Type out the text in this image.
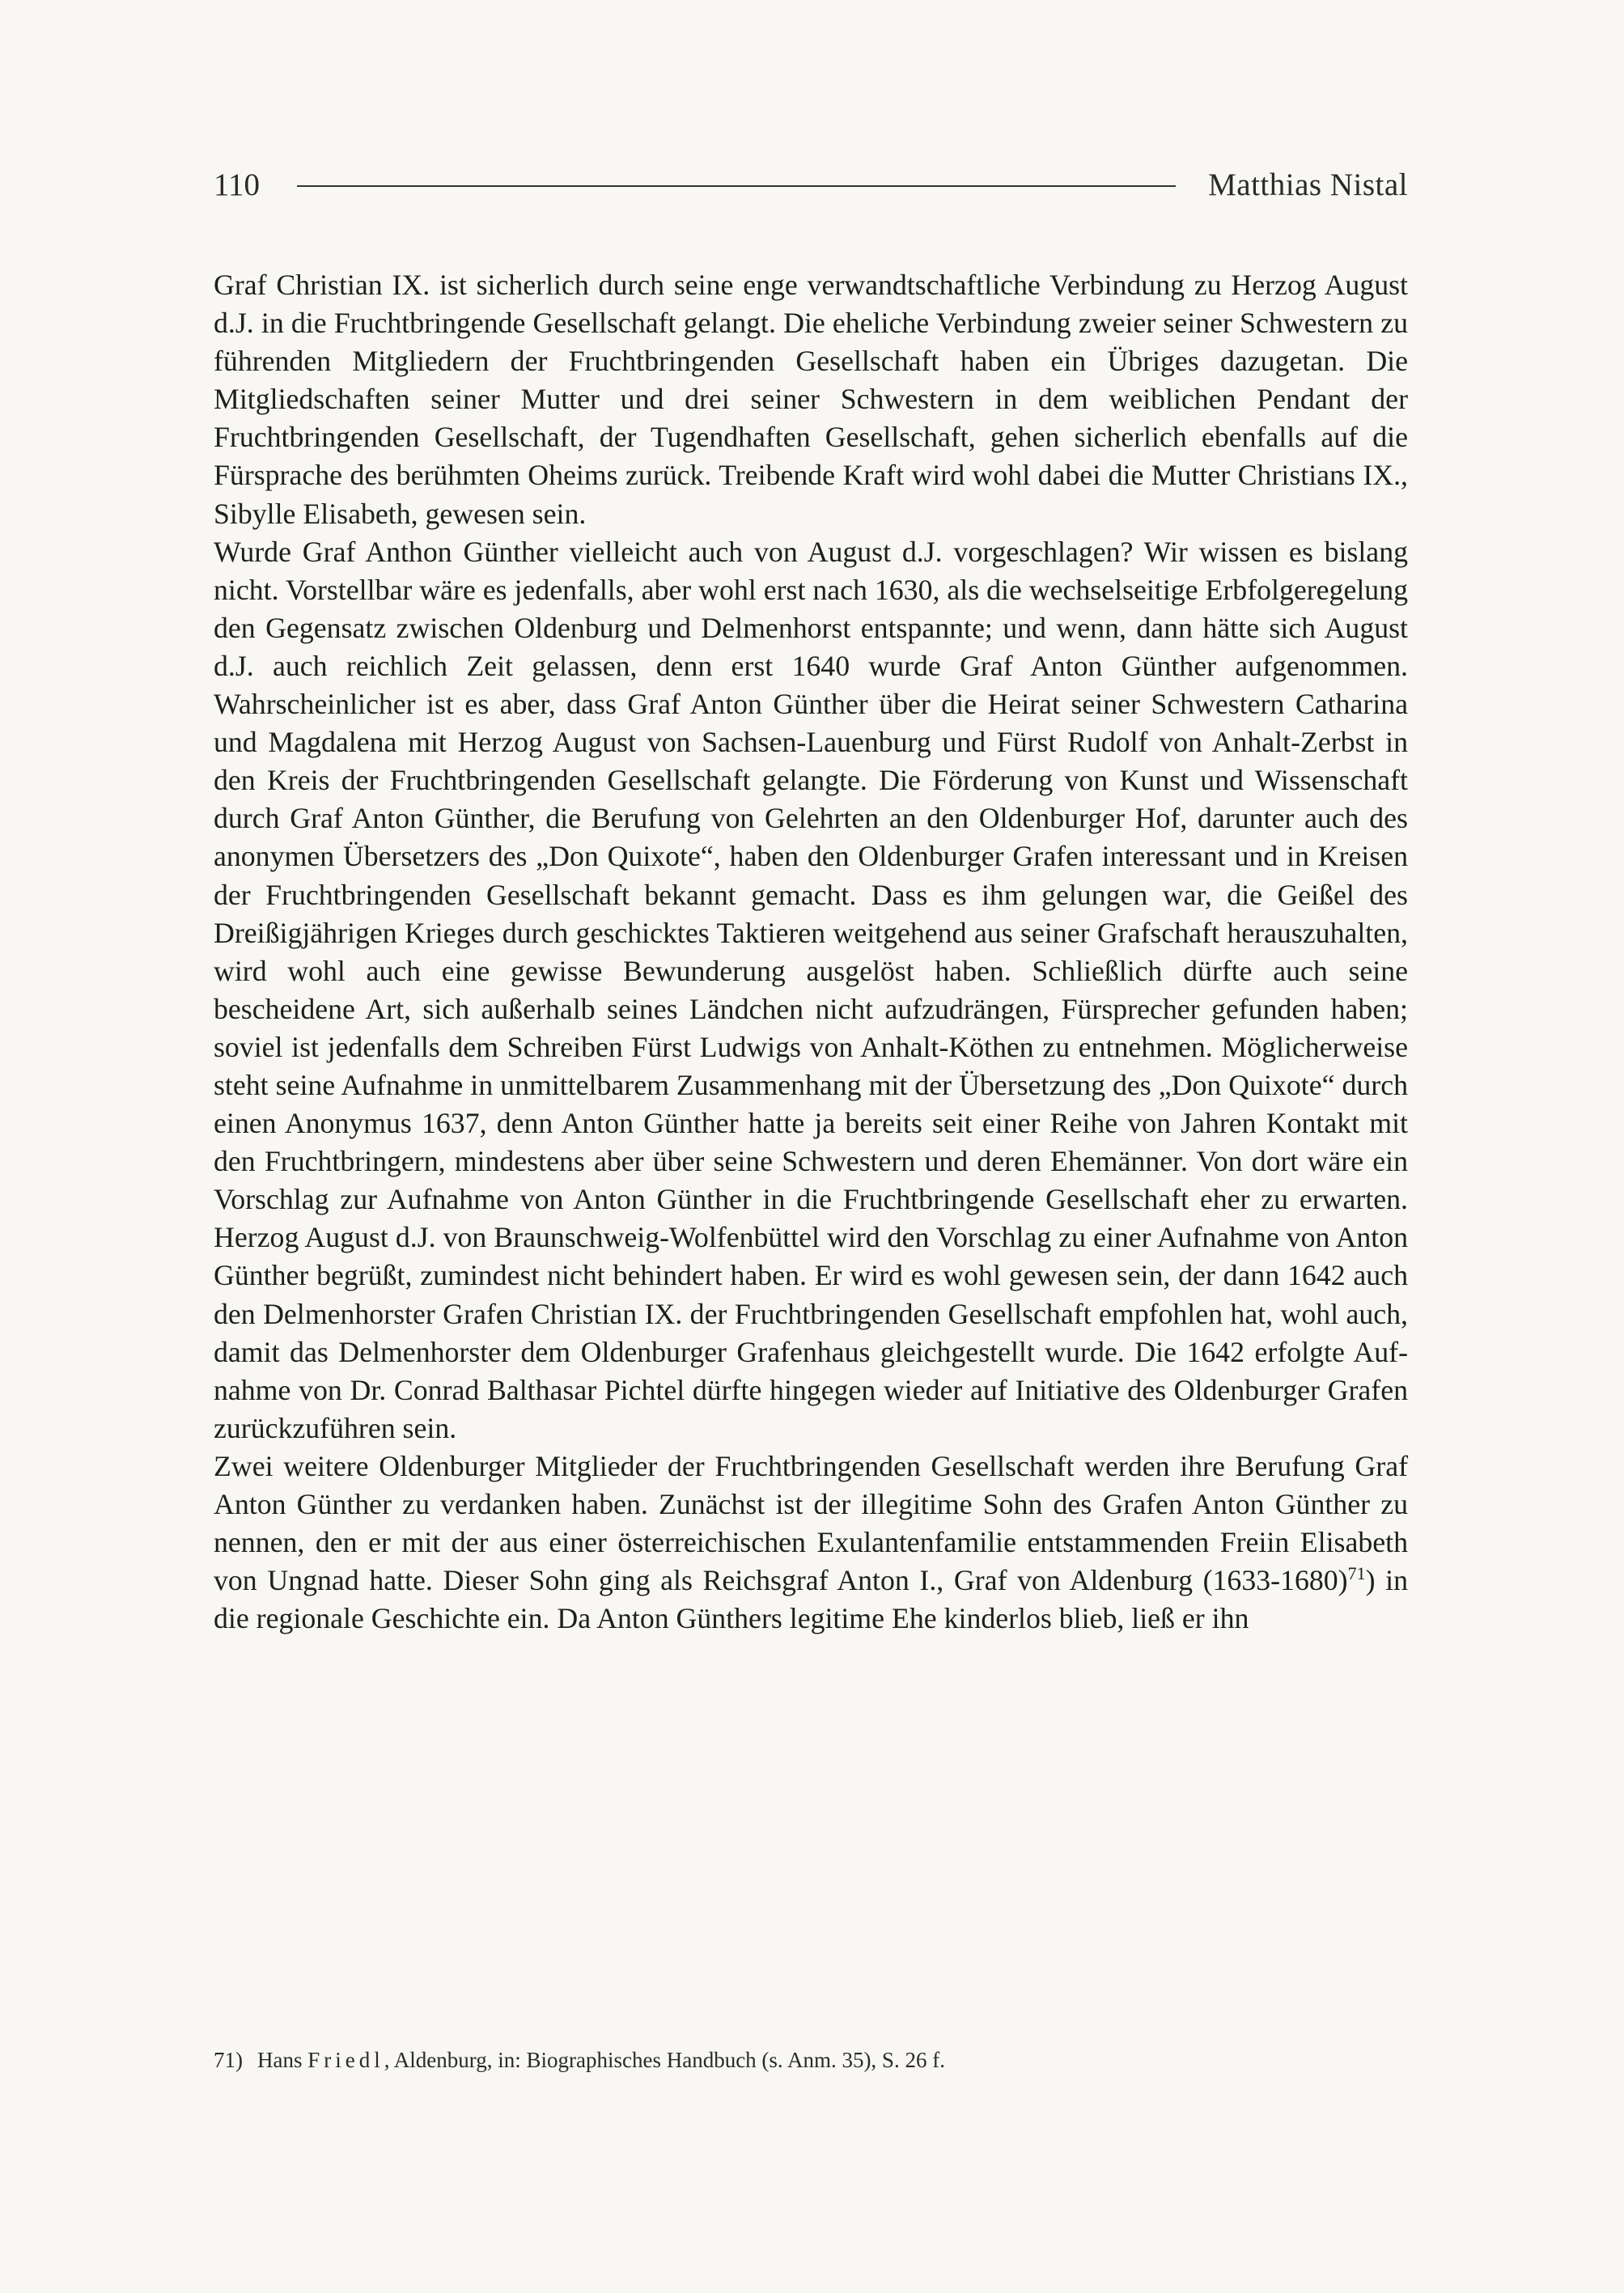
110	Matthias Nistal

Graf Christian IX. ist sicherlich durch seine enge verwandtschaftliche Verbindung zu Herzog August d.J. in die Fruchtbringende Gesellschaft gelangt. Die eheliche Verbindung zweier seiner Schwestern zu führenden Mitgliedern der Fruchtbringenden Gesellschaft haben ein Übriges dazugetan. Die Mitgliedschaften seiner Mutter und drei seiner Schwestern in dem weiblichen Pendant der Fruchtbringenden Gesellschaft, der Tugendhaften Gesellschaft, gehen sicherlich ebenfalls auf die Fürsprache des berühmten Oheims zurück. Treibende Kraft wird wohl dabei die Mutter Christians IX., Sibylle Elisabeth, gewesen sein.

Wurde Graf Anthon Günther vielleicht auch von August d.J. vorgeschlagen? Wir wissen es bislang nicht. Vorstellbar wäre es jedenfalls, aber wohl erst nach 1630, als die wechselseitige Erbfolgeregelung den Gegensatz zwischen Oldenburg und Delmenhorst entspannte; und wenn, dann hätte sich August d.J. auch reichlich Zeit gelassen, denn erst 1640 wurde Graf Anton Günther aufgenommen. Wahrscheinlicher ist es aber, dass Graf Anton Günther über die Heirat seiner Schwestern Catharina und Magdalena mit Herzog August von Sachsen-Lauenburg und Fürst Rudolf von Anhalt-Zerbst in den Kreis der Fruchtbringenden Gesellschaft gelangte. Die Förderung von Kunst und Wissenschaft durch Graf Anton Günther, die Berufung von Gelehrten an den Oldenburger Hof, darunter auch des anonymen Übersetzers des „Don Quixote“, haben den Oldenburger Grafen interessant und in Kreisen der Fruchtbringenden Gesellschaft bekannt gemacht. Dass es ihm gelungen war, die Geißel des Dreißigjährigen Krieges durch geschicktes Taktieren weitgehend aus seiner Grafschaft herauszuhalten, wird wohl auch eine gewisse Bewunderung ausgelöst haben. Schließlich dürfte auch seine bescheidene Art, sich außerhalb seines Ländchen nicht aufzudrängen, Fürsprecher gefunden haben; soviel ist jedenfalls dem Schreiben Fürst Ludwigs von Anhalt-Köthen zu entnehmen. Möglicherweise steht seine Aufnahme in unmittelbarem Zusammenhang mit der Übersetzung des „Don Quixote“ durch einen Anonymus 1637, denn Anton Günther hatte ja bereits seit einer Reihe von Jahren Kontakt mit den Fruchtbringern, mindestens aber über seine Schwestern und deren Ehemänner. Von dort wäre ein Vorschlag zur Aufnahme von Anton Günther in die Fruchtbringende Gesellschaft eher zu erwarten. Herzog August d.J. von Braunschweig-Wolfenbüttel wird den Vorschlag zu einer Aufnahme von Anton Günther begrüßt, zumindest nicht behindert haben. Er wird es wohl gewesen sein, der dann 1642 auch den Delmenhorster Grafen Christian IX. der Fruchtbringenden Gesellschaft empfohlen hat, wohl auch, damit das Delmenhorster dem Oldenburger Grafenhaus gleichgestellt wurde. Die 1642 erfolgte Aufnahme von Dr. Conrad Balthasar Pichtel dürfte hingegen wieder auf Initiative des Oldenburger Grafen zurückzuführen sein.

Zwei weitere Oldenburger Mitglieder der Fruchtbringenden Gesellschaft werden ihre Berufung Graf Anton Günther zu verdanken haben. Zunächst ist der illegitime Sohn des Grafen Anton Günther zu nennen, den er mit der aus einer österreichischen Exulantenfamilie entstammenden Freiin Elisabeth von Ungnad hatte. Dieser Sohn ging als Reichsgraf Anton I., Graf von Aldenburg (1633-1680)$^{71}$) in die regionale Geschichte ein. Da Anton Günthers legitime Ehe kinderlos blieb, ließ er ihn

71) Hans Friedl, Aldenburg, in: Biographisches Handbuch (s. Anm. 35), S. 26 f.
